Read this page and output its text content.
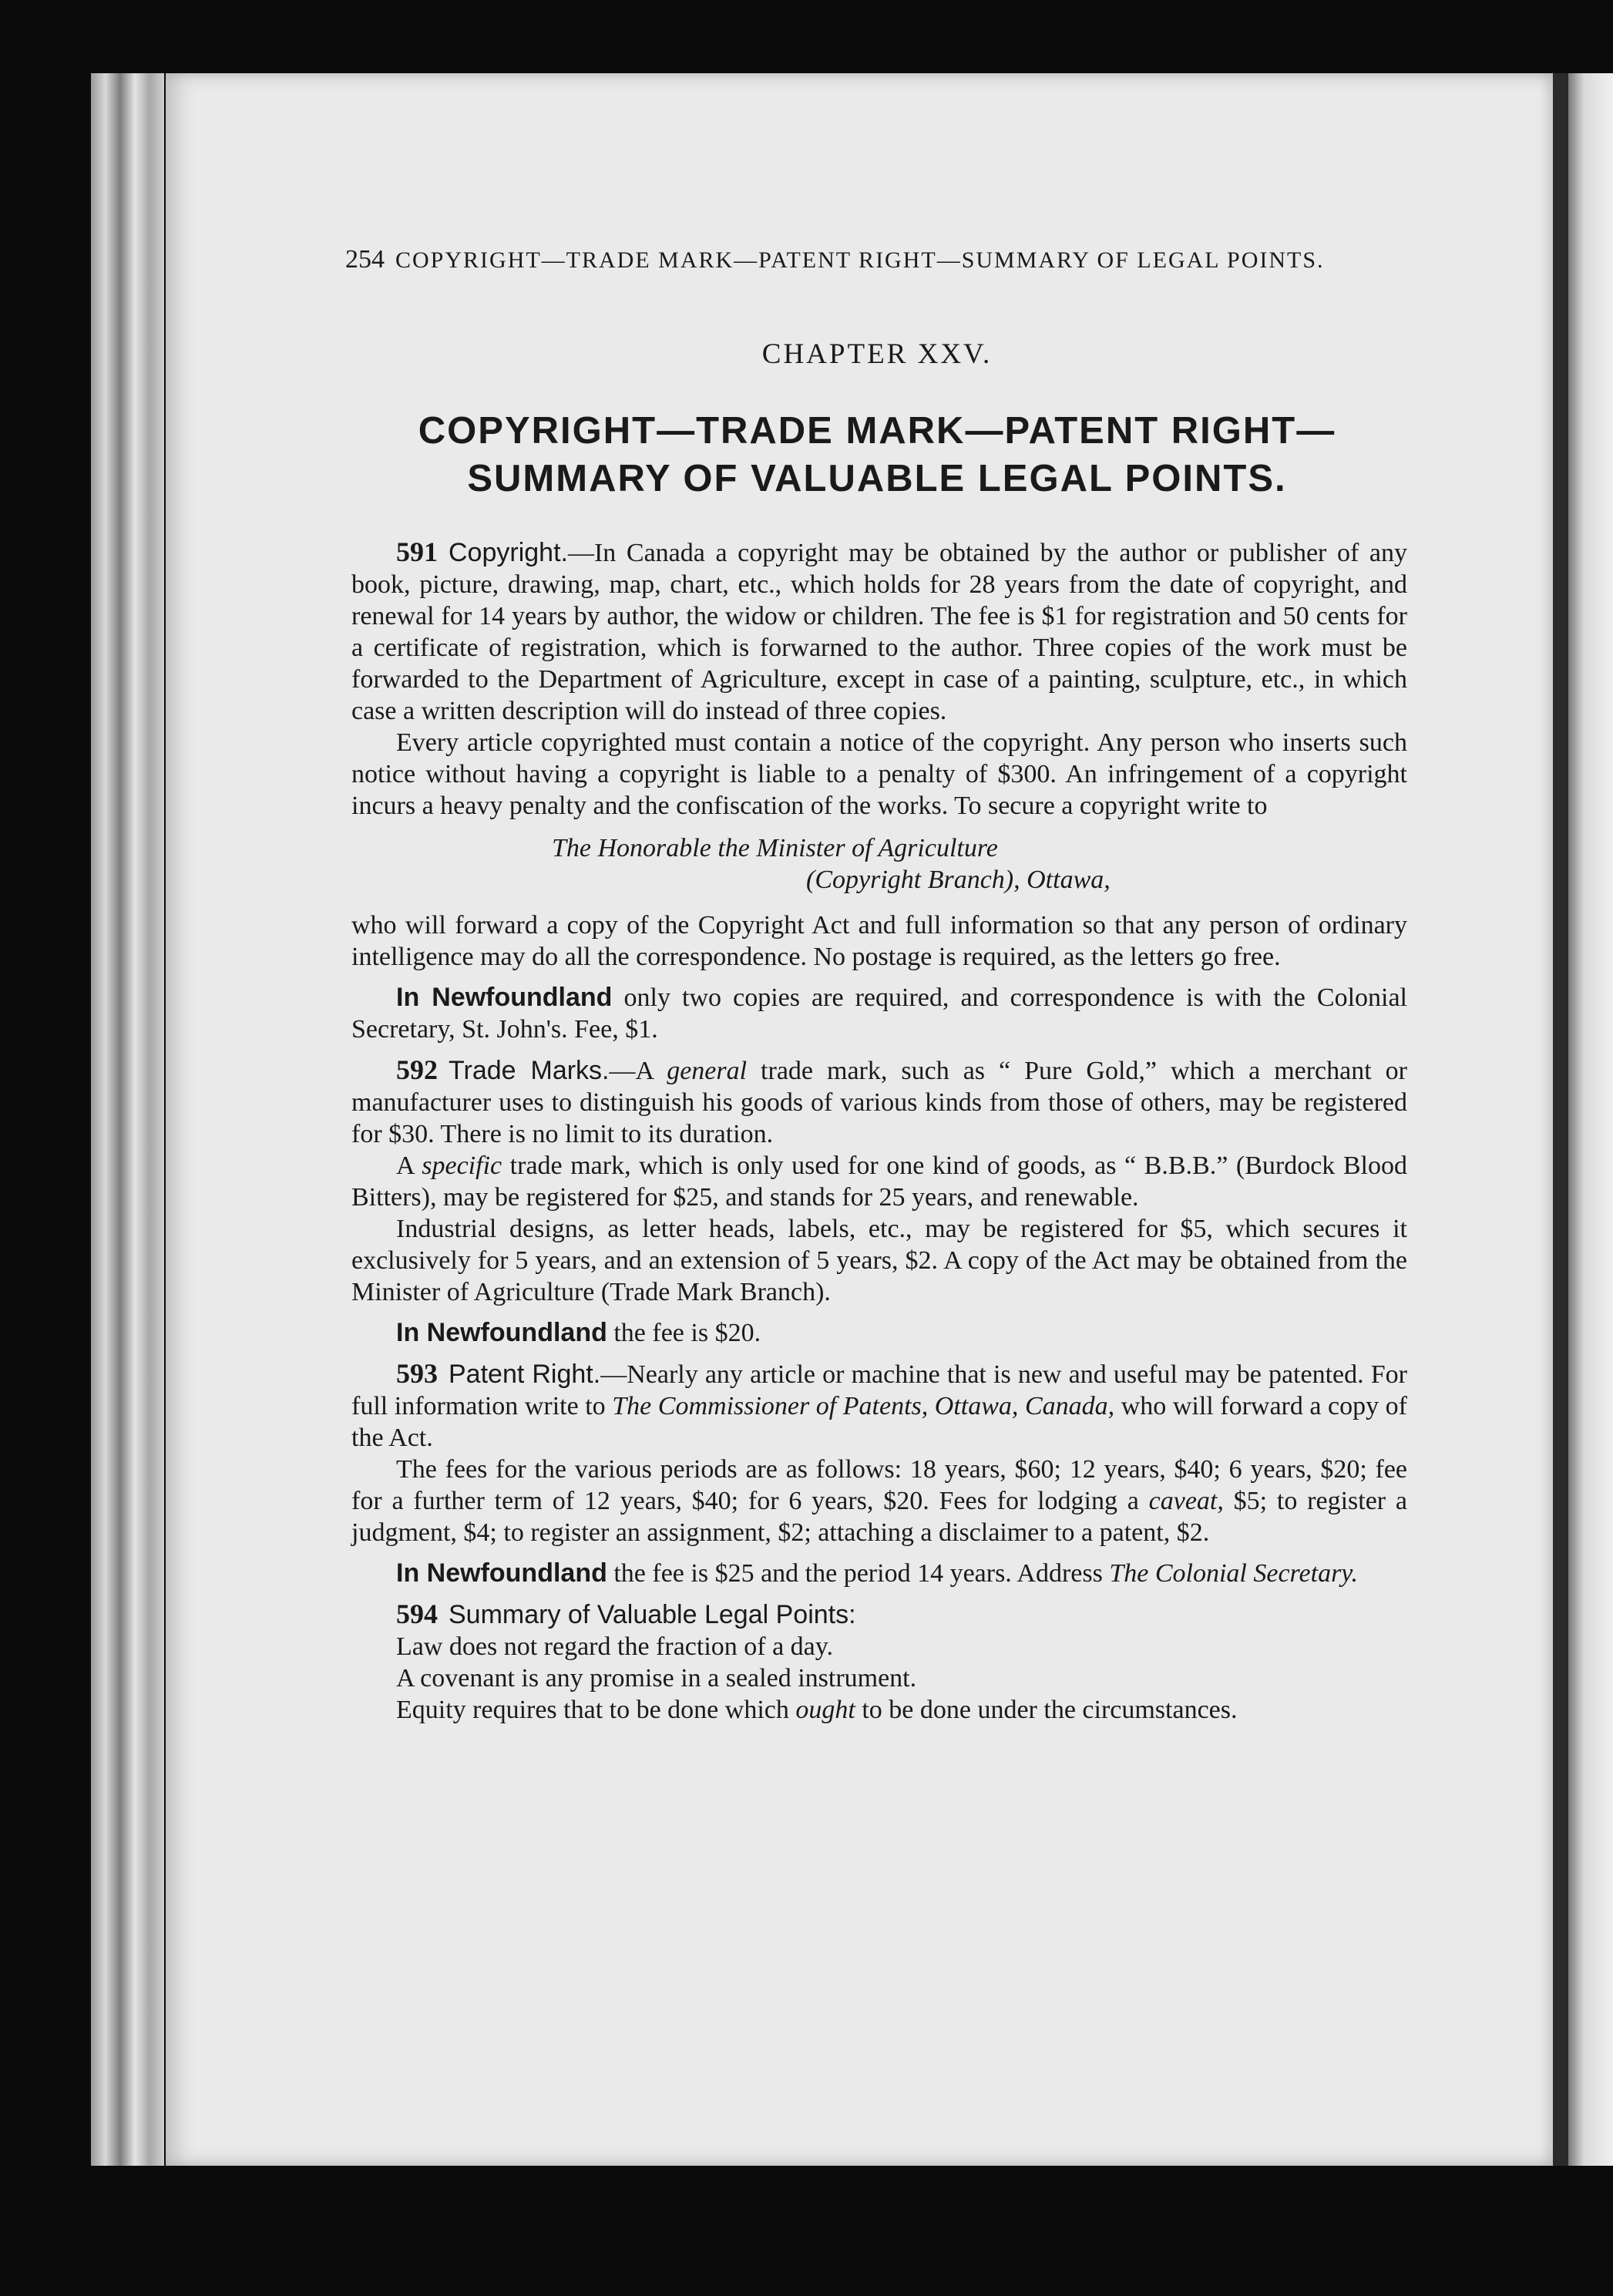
254 COPYRIGHT—TRADE MARK—PATENT RIGHT—SUMMARY OF LEGAL POINTS.
CHAPTER XXV.
COPYRIGHT—TRADE MARK—PATENT RIGHT—
SUMMARY OF VALUABLE LEGAL POINTS.

591 Copyright.—In Canada a copyright may be obtained by the author or publisher of any book, picture, drawing, map, chart, etc., which holds for 28 years from the date of copyright, and renewal for 14 years by author, the widow or children. The fee is $1 for registration and 50 cents for a certificate of registration, which is forwarned to the author. Three copies of the work must be forwarded to the Department of Agriculture, except in case of a painting, sculpture, etc., in which case a written description will do instead of three copies.

Every article copyrighted must contain a notice of the copyright. Any person who inserts such notice without having a copyright is liable to a penalty of $300. An infringement of a copyright incurs a heavy penalty and the confiscation of the works. To secure a copyright write to

The Honorable the Minister of Agriculture
(Copyright Branch), Ottawa,

who will forward a copy of the Copyright Act and full information so that any person of ordinary intelligence may do all the correspondence. No postage is required, as the letters go free.

In Newfoundland only two copies are required, and correspondence is with the Colonial Secretary, St. John's. Fee, $1.

592 Trade Marks.—A general trade mark, such as “ Pure Gold,” which a merchant or manufacturer uses to distinguish his goods of various kinds from those of others, may be registered for $30. There is no limit to its duration.

A specific trade mark, which is only used for one kind of goods, as “ B.B.B.” (Burdock Blood Bitters), may be registered for $25, and stands for 25 years, and renewable.

Industrial designs, as letter heads, labels, etc., may be registered for $5, which secures it exclusively for 5 years, and an extension of 5 years, $2. A copy of the Act may be obtained from the Minister of Agriculture (Trade Mark Branch).

In Newfoundland the fee is $20.

593 Patent Right.—Nearly any article or machine that is new and useful may be patented. For full information write to The Commissioner of Patents, Ottawa, Canada, who will forward a copy of the Act.

The fees for the various periods are as follows: 18 years, $60; 12 years, $40; 6 years, $20; fee for a further term of 12 years, $40; for 6 years, $20. Fees for lodging a caveat, $5; to register a judgment, $4; to register an assignment, $2; attaching a disclaimer to a patent, $2.

In Newfoundland the fee is $25 and the period 14 years. Address The Colonial Secretary.

594 Summary of Valuable Legal Points:

Law does not regard the fraction of a day.

A covenant is any promise in a sealed instrument.

Equity requires that to be done which ought to be done under the circumstances.
